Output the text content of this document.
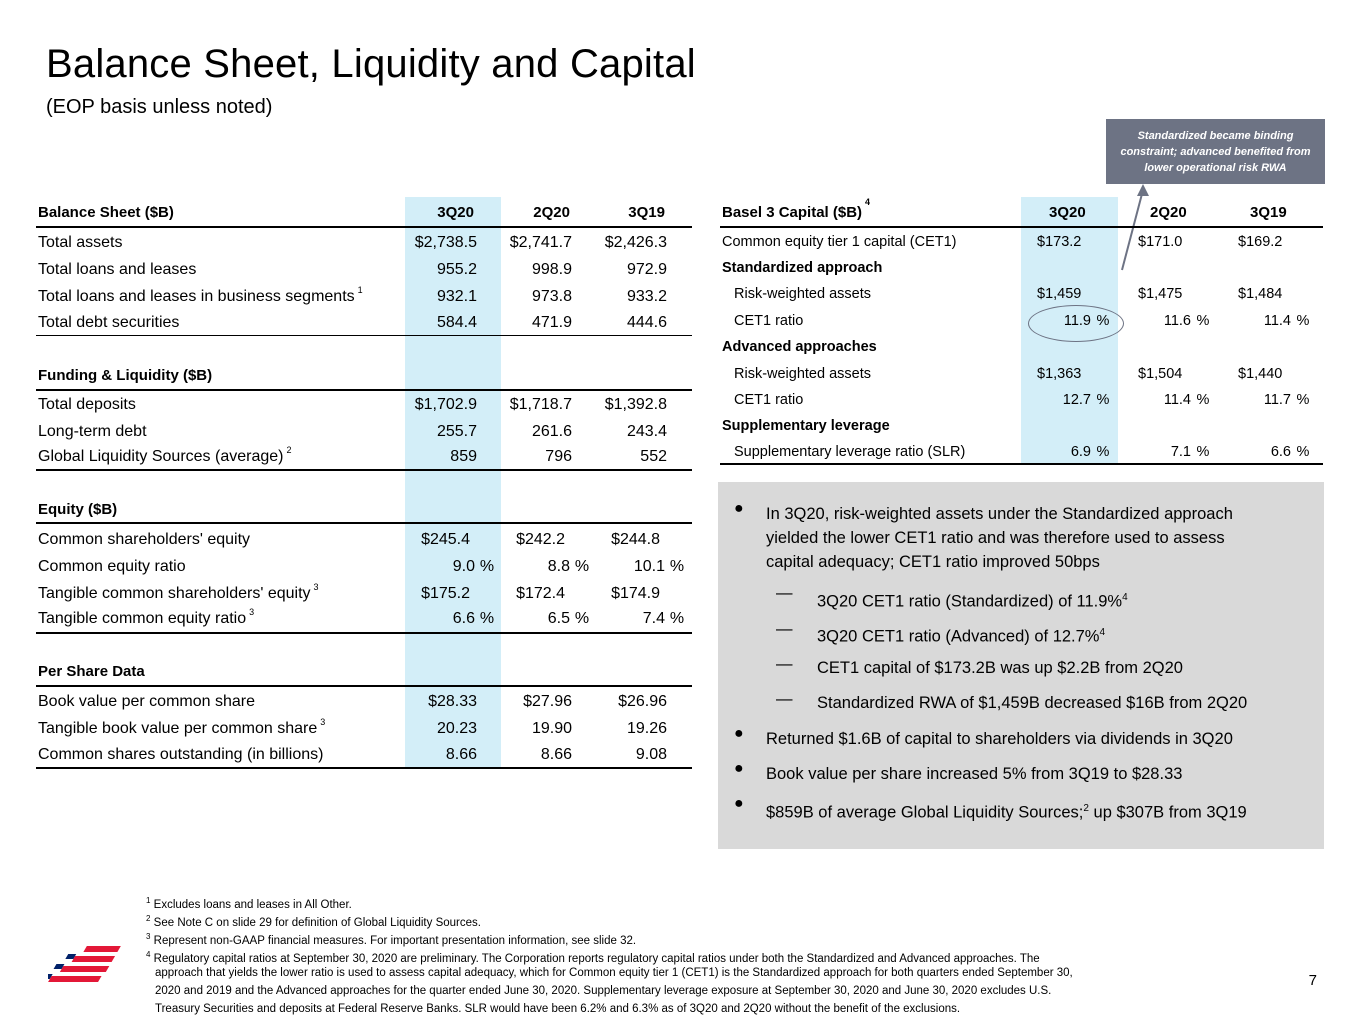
Balance Sheet, Liquidity and Capital
(EOP basis unless noted)
Standardized became binding constraint; advanced benefited from lower operational risk RWA
Balance Sheet ($B)	3Q20	2Q20	3Q19
Total assets	$2,738.5 $2,741.7 $2,426.3
Total loans and leases	955.2	998.9	972.9
Total loans and leases in business segments $^1$	932.1	973.8	933.2
Total debt securities	584.4	471.9	444.6
Funding & Liquidity ($B)
Total deposits	$1,702.9 $1,718.7 $1,392.8
Long-term debt	255.7	261.6	243.4
Global Liquidity Sources (average) $^2$	859	796	552
Equity ($B)
Common shareholders' equity	$245.4	$242.2	$244.8
Common equity ratio	9.0 %	8.8 %	10.1 %
Tangible common shareholders' equity $^3$	$175.2	$172.4	$174.9
Tangible common equity ratio $^3$	6.6 %	6.5 %	7.4 %
Per Share Data
Book value per common share	$28.33	$27.96	$26.96
Tangible book value per common share $^3$	20.23	19.90	19.26
Common shares outstanding (in billions)	8.66	8.66	9.08
Basel 3 Capital ($B)$^4$
3Q20	2Q20	3Q19
Common equity tier 1 capital (CET1)	$173.2	$171.0	$169.2
Standardized approach
Risk-weighted assets	$1,459	$1,475	$1,484
CET1 ratio	11.9 %	11.6 %	11.4 %
Advanced approaches
Risk-weighted assets	$1,363	$1,504	$1,440
CET1 ratio	12.7 %	11.4 %	11.7 %
Supplementary leverage
Supplementary leverage ratio (SLR)	6.9 %	7.1 %	6.6 %
● In 3Q20, risk-weighted assets under the Standardized approach
yielded the lower CET1 ratio and was therefore used to assess
capital adequacy; CET1 ratio improved 50bps
— 3Q20 CET1 ratio (Standardized) of 11.9%$^4$
— 3Q20 CET1 ratio (Advanced) of 12.7%$^4$
— CET1 capital of $173.2B was up $2.2B from 2Q20
— Standardized RWA of $1,459B decreased $16B from 2Q20
● Returned $1.6B of capital to shareholders via dividends in 3Q20
● Book value per share increased 5% from 3Q19 to $28.33
● $859B of average Global Liquidity Sources;$^2$ up $307B from 3Q19
$^1$ Excludes loans and leases in All Other.
$^2$ See Note C on slide 29 for definition of Global Liquidity Sources.
$^3$ Represent non-GAAP financial measures. For important presentation information, see slide 32.
$^4$ Regulatory capital ratios at September 30, 2020 are preliminary. The Corporation reports regulatory capital ratios under both the Standardized and Advanced approaches. The
approach that yields the lower ratio is used to assess capital adequacy, which for Common equity tier 1 (CET1) is the Standardized approach for both quarters ended September 30,
2020 and 2019 and the Advanced approaches for the quarter ended June 30, 2020. Supplementary leverage exposure at September 30, 2020 and June 30, 2020 excludes U.S.
Treasury Securities and deposits at Federal Reserve Banks. SLR would have been 6.2% and 6.3% as of 3Q20 and 2Q20 without the benefit of the exclusions.
7
